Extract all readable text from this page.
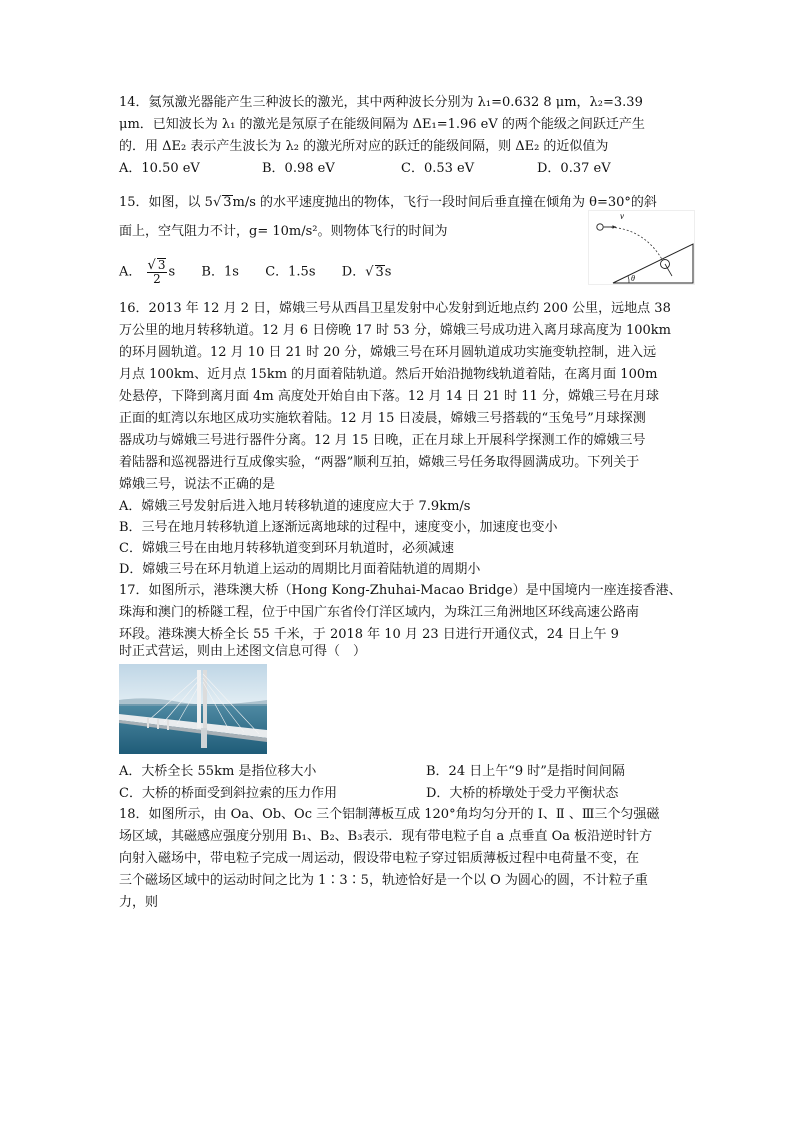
14．氦氖激光器能产生三种波长的激光，其中两种波长分别为 λ₁=0.632 8 μm，λ₂=3.39
μm．已知波长为 λ₁ 的激光是氖原子在能级间隔为 ΔE₁=1.96 eV 的两个能级之间跃迁产生
的．用 ΔE₂ 表示产生波长为 λ₂ 的激光所对应的跃迁的能级间隔，则 ΔE₂ 的近似值为
A．10.50 eV	B．0.98 eV	C．0.53 eV	D．0.37 eV
15．如图，以 5√ 3m/s 的水平速度抛出的物体，飞行一段时间后垂直撞在倾角为 θ=30°的斜
面上，空气阻力不计，g= 10m/s²。则物体飞行的时间为
A． $\frac{√ 3}{2}$ s B．1s C．1.5s D．√ 3s
v
θ
16．2013 年 12 月 2 日，嫦娥三号从西昌卫星发射中心发射到近地点约 200 公里，远地点 38
万公里的地月转移轨道。12 月 6 日傍晚 17 时 53 分，嫦娥三号成功进入离月球高度为 100km
的环月圆轨道。12 月 10 日 21 时 20 分，嫦娥三号在环月圆轨道成功实施变轨控制，进入远
月点 100km、近月点 15km 的月面着陆轨道。然后开始沿抛物线轨道着陆，在离月面 100m
处悬停，下降到离月面 4m 高度处开始自由下落。12 月 14 日 21 时 11 分，嫦娥三号在月球
正面的虹湾以东地区成功实施软着陆。12 月 15 日凌晨，嫦娥三号搭载的“玉兔号”月球探测
器成功与嫦娥三号进行器件分离。12 月 15 日晚，正在月球上开展科学探测工作的嫦娥三号
着陆器和巡视器进行互成像实验，“两器”顺利互拍，嫦娥三号任务取得圆满成功。下列关于
嫦娥三号，说法不正确的是
A．嫦娥三号发射后进入地月转移轨道的速度应大于 7.9km/s
B．三号在地月转移轨道上逐渐远离地球的过程中，速度变小，加速度也变小
C．嫦娥三号在由地月转移轨道变到环月轨道时，必须减速
D．嫦娥三号在环月轨道上运动的周期比月面着陆轨道的周期小
17．如图所示，港珠澳大桥（Hong Kong-Zhuhai-Macao Bridge）是中国境内一座连接香港、
珠海和澳门的桥隧工程，位于中国广东省伶仃洋区域内，为珠江三角洲地区环线高速公路南
环段。港珠澳大桥全长 55 千米，于 2018 年 10 月 23 日进行开通仪式，24 日上午 9
时正式营运，则由上述图文信息可得（　）
A．大桥全长 55km 是指位移大小	B．24 日上午“9 时”是指时间间隔
C．大桥的桥面受到斜拉索的压力作用	D．大桥的桥墩处于受力平衡状态
18．如图所示，由 Oa、Ob、Oc 三个铝制薄板互成 120°角均匀分开的 Ⅰ、Ⅱ 、Ⅲ三个匀强磁
场区域，其磁感应强度分别用 B₁、B₂、B₃表示．现有带电粒子自 a 点垂直 Oa 板沿逆时针方
向射入磁场中，带电粒子完成一周运动，假设带电粒子穿过铝质薄板过程中电荷量不变，在
三个磁场区域中的运动时间之比为 1∶3∶5，轨迹恰好是一个以 O 为圆心的圆，不计粒子重
力，则
